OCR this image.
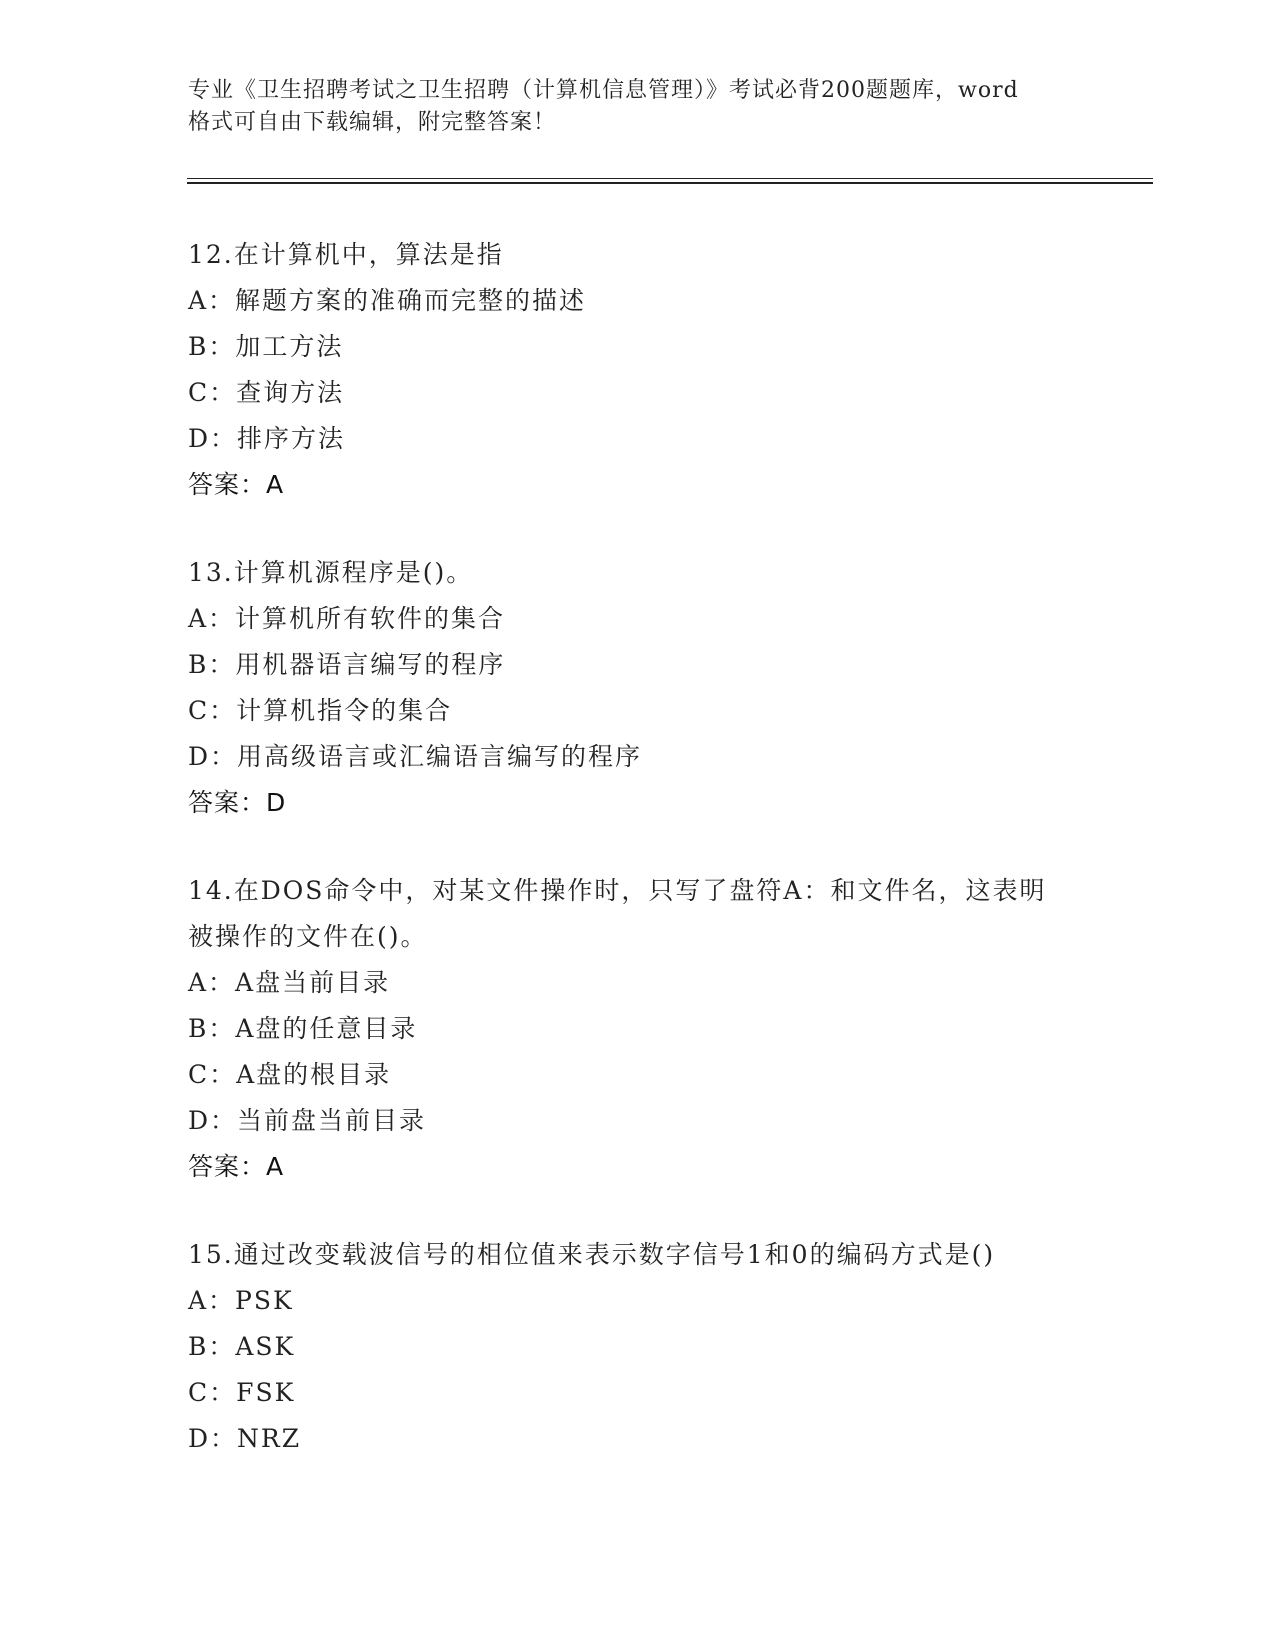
专业《卫生招聘考试之卫生招聘（计算机信息管理）》考试必背200题题库，word
格式可自由下载编辑，附完整答案！
12.在计算机中，算法是指
A：解题方案的准确而完整的描述
B：加工方法
C：查询方法
D：排序方法
答案：A
13.计算机源程序是()。
A：计算机所有软件的集合
B：用机器语言编写的程序
C：计算机指令的集合
D：用高级语言或汇编语言编写的程序
答案：D
14.在DOS命令中，对某文件操作时，只写了盘符A：和文件名，这表明被操作的文件在()。
A：A盘当前目录
B：A盘的任意目录
C：A盘的根目录
D：当前盘当前目录
答案：A
15.通过改变载波信号的相位值来表示数字信号1和0的编码方式是()
A：PSK
B：ASK
C：FSK
D：NRZ
